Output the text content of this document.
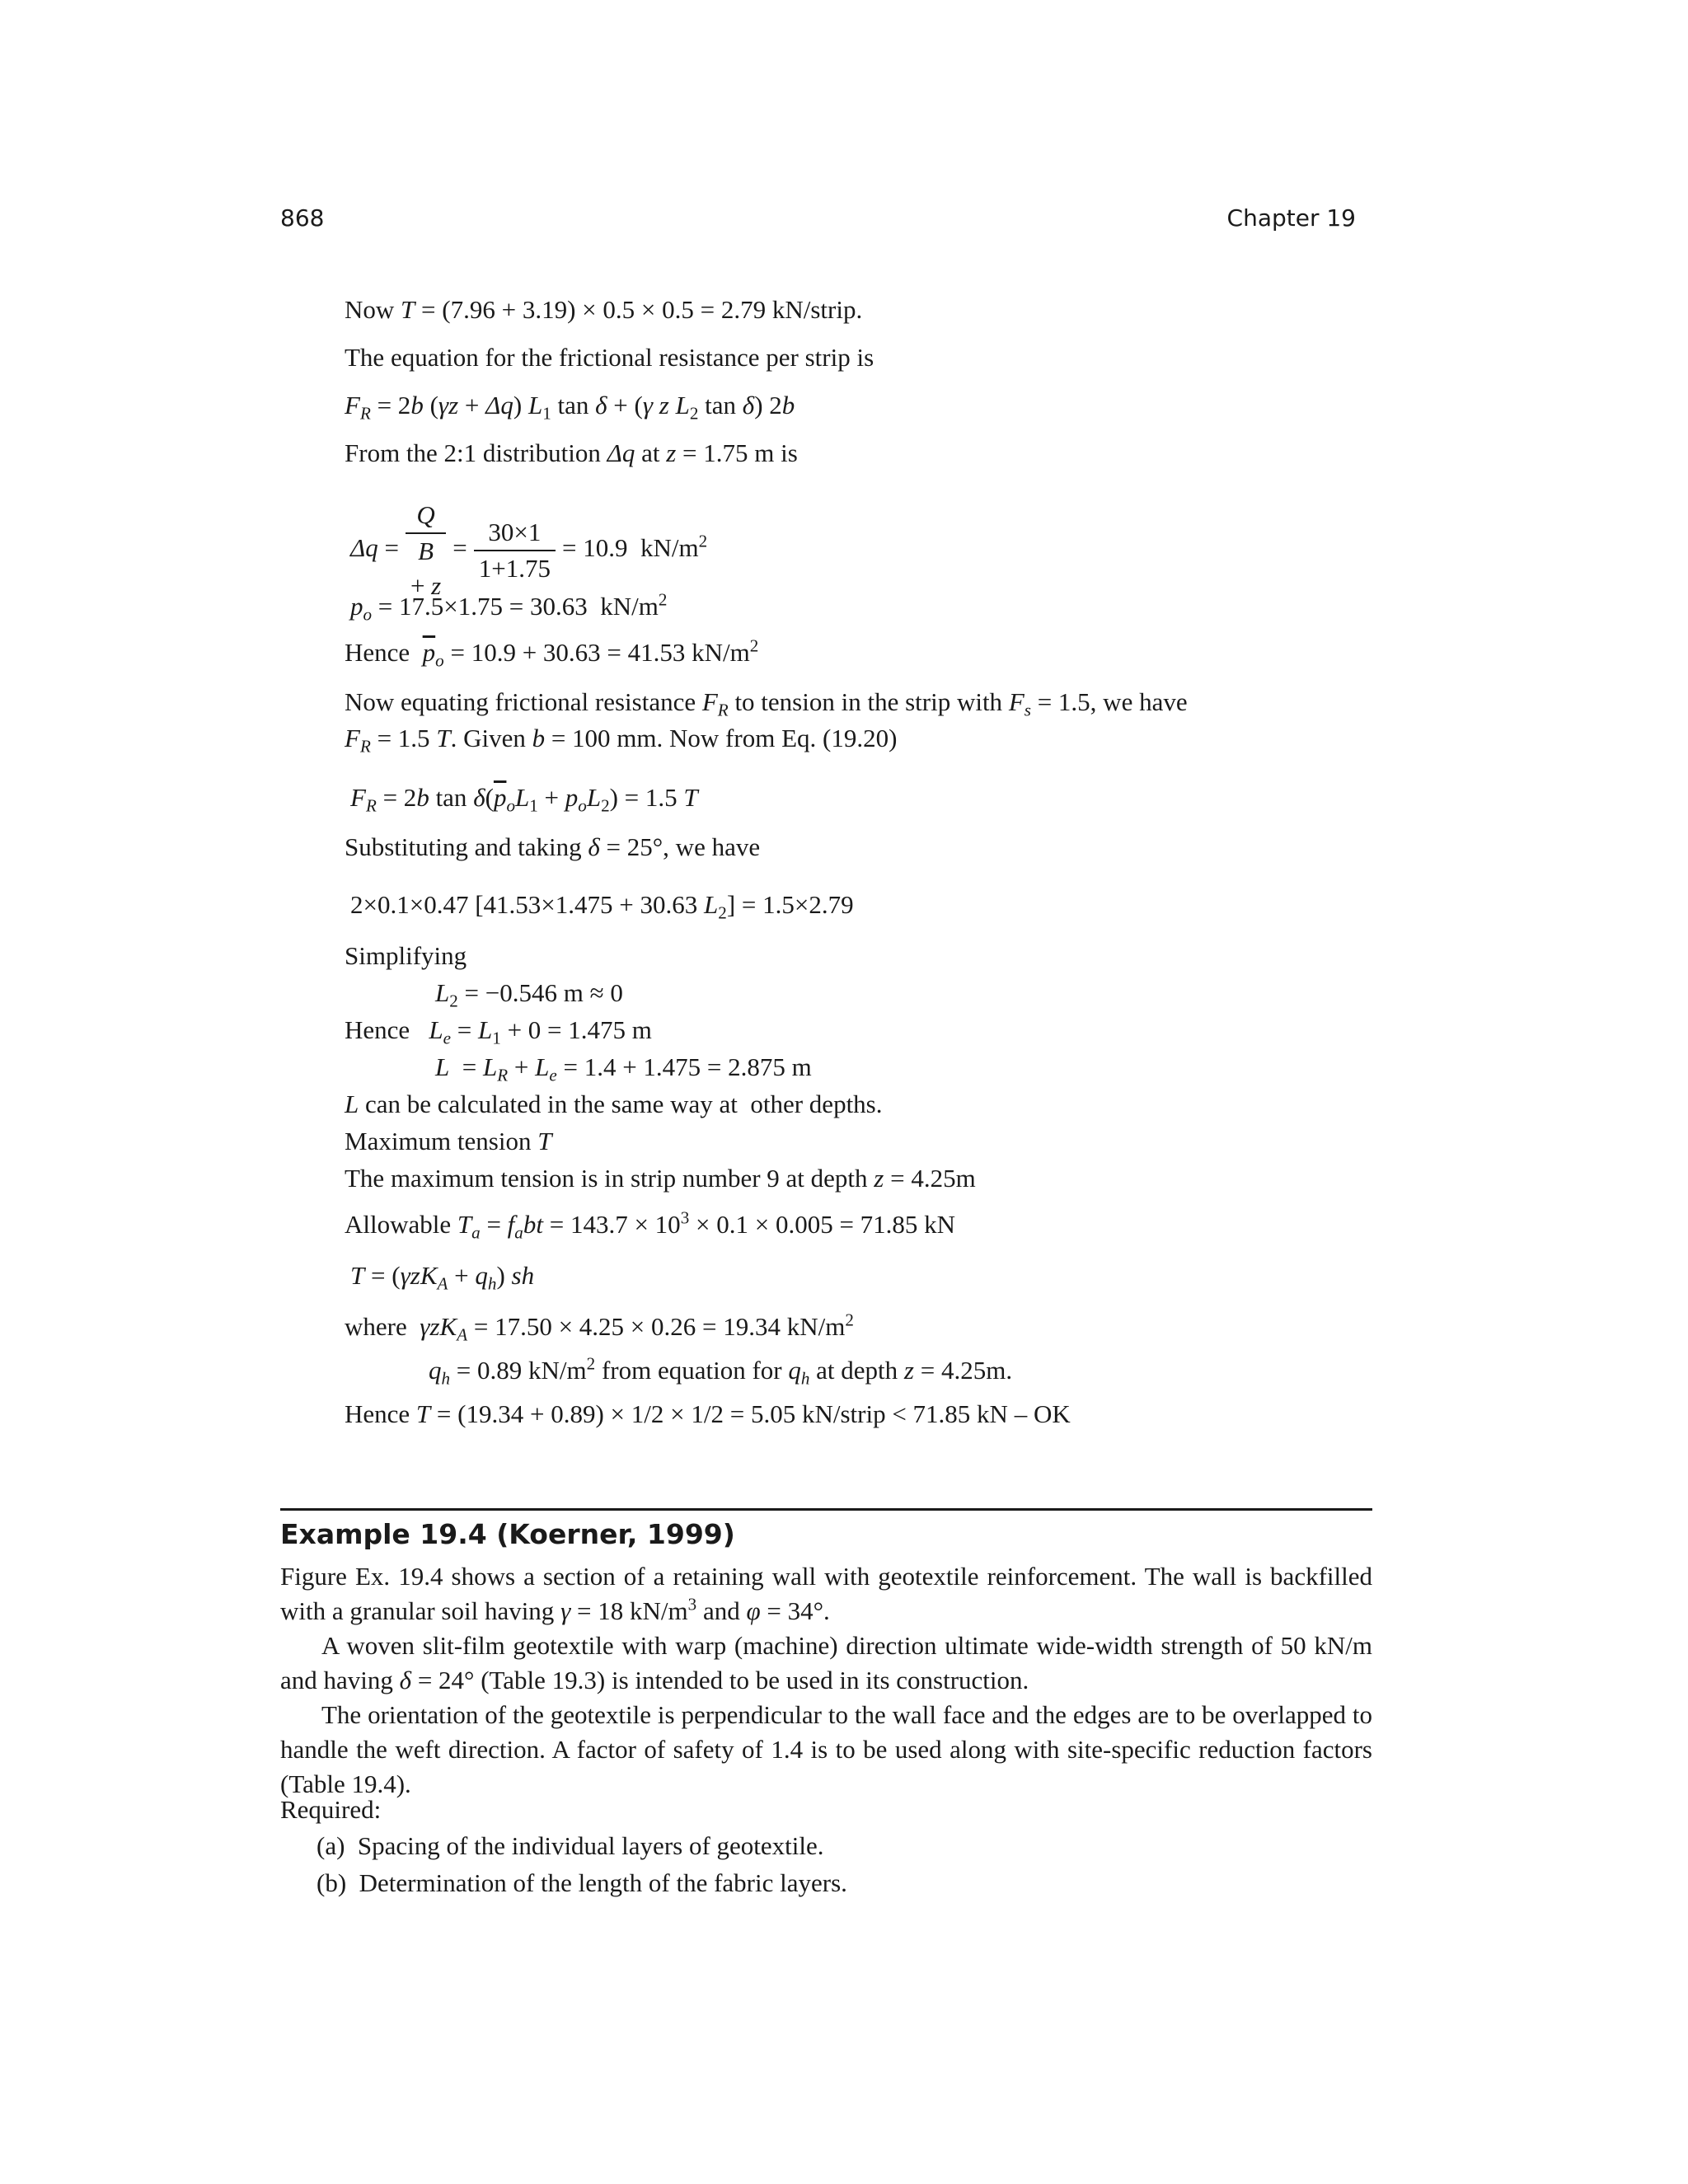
868	Chapter 19
Now T = (7.96 + 3.19) × 0.5 × 0.5 = 2.79 kN/strip.
The equation for the frictional resistance per strip is
$F_R = 2b$ (γz + Δq) $L_1$ tan δ + (γ z $L_2$ tan δ) 2b
From the 2:1 distribution Δq at z = 1.75 m is
Δq =
Q
B
+ z
= $\frac{30\times 1}{1+1.75} = 10.9$  $kN/m^2$
$p_o = 17.5\times 1.75 = 30.63$  $kN/m^2$
Hence  $\overline{p}_o = 10.9 + 30.63 = 41.53$ $kN/m^2$
Now equating frictional resistance $F_R$ to tension in the strip with $F_s = 1.5$, we have
$F_R = 1.5$ T. Given b = 100 mm. Now from Eq. (19.20)
$F_R = 2b$ $\tan \delta(\overline{p}_oL_1 + p_oL_2) = 1.5$ T
Substituting and taking δ = 25°, we have
2×0.1×0.47 [41.53×1.475 + 30.63 $L_2] = 1.5\times 2.79$
Simplifying
$L_2 = -0.546$ m ≈ 0
Hence   $L_e = L_1 + 0 = 1.475$ m
$L = L_R + L_e = 1.4 + 1.475 = 2.875$ m
L can be calculated in the same way at  other depths.
Maximum tension T
The maximum tension is in strip number 9 at depth z = 4.25m
Allowable $T_a = f_abt = 143.7 \times 10^3 \times 0.1 \times 0.005 = 71.85$ kN
$T = (\gamma zK_A + q_h)$ sh
where  γzK$_A$ = 17.50 × 4.25 × 0.26 = 19.34 $kN/m^2$
$q_h = 0.89$ $kN/m^2$ from equation for $q_h$ at depth z = 4.25m.
Hence T = (19.34 + 0.89) × 1/2 × 1/2 = 5.05 kN/strip < 71.85 kN – OK
Example 19.4 (Koerner, 1999)
Figure Ex. 19.4 shows a section of a retaining wall with geotextile reinforcement. The wall is backfilled with a granular soil having γ = 18 $kN/m^3$ and φ = 34°.
A woven slit-film geotextile with warp (machine) direction ultimate wide-width strength of 50 kN/m and having δ = 24° (Table 19.3) is intended to be used in its construction.
The orientation of the geotextile is perpendicular to the wall face and the edges are to be overlapped to handle the weft direction. A factor of safety of 1.4 is to be used along with site-specific reduction factors (Table 19.4).
Required:
(a) Spacing of the individual layers of geotextile.
(b) Determination of the length of the fabric layers.
